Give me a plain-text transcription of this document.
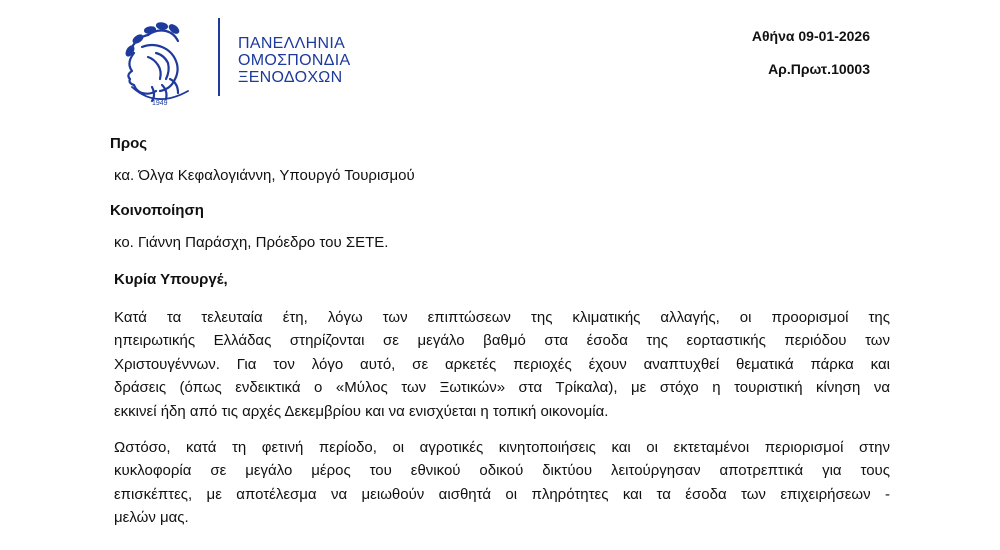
1949
ΠΑΝΕΛΛΗΝΙΑ
ΟΜΟΣΠΟΝΔΙΑ
ΞΕΝΟΔΟΧΩΝ
Αθήνα 09-01-2026
Αρ.Πρωτ.10003
Προς
κα. Όλγα Κεφαλογιάννη, Υπουργό Τουρισμού
Κοινοποίηση
κο. Γιάννη Παράσχη, Πρόεδρο του ΣΕΤΕ.
Κυρία Υπουργέ,
Κατά τα τελευταία έτη, λόγω των επιπτώσεων της κλιματικής αλλαγής, οι προορισμοί της
ηπειρωτικής Ελλάδας στηρίζονται σε μεγάλο βαθμό στα έσοδα της εορταστικής περιόδου των
Χριστουγέννων. Για τον λόγο αυτό, σε αρκετές περιοχές έχουν αναπτυχθεί θεματικά πάρκα και
δράσεις (όπως ενδεικτικά ο «Μύλος των Ξωτικών» στα Τρίκαλα), με στόχο η τουριστική κίνηση να
εκκινεί ήδη από τις αρχές Δεκεμβρίου και να ενισχύεται η τοπική οικονομία.
Ωστόσο, κατά τη φετινή περίοδο, οι αγροτικές κινητοποιήσεις και οι εκτεταμένοι περιορισμοί στην
κυκλοφορία σε μεγάλο μέρος του εθνικού οδικού δικτύου λειτούργησαν αποτρεπτικά για τους
επισκέπτες, με αποτέλεσμα να μειωθούν αισθητά οι πληρότητες και τα έσοδα των επιχειρήσεων -
μελών μας.
